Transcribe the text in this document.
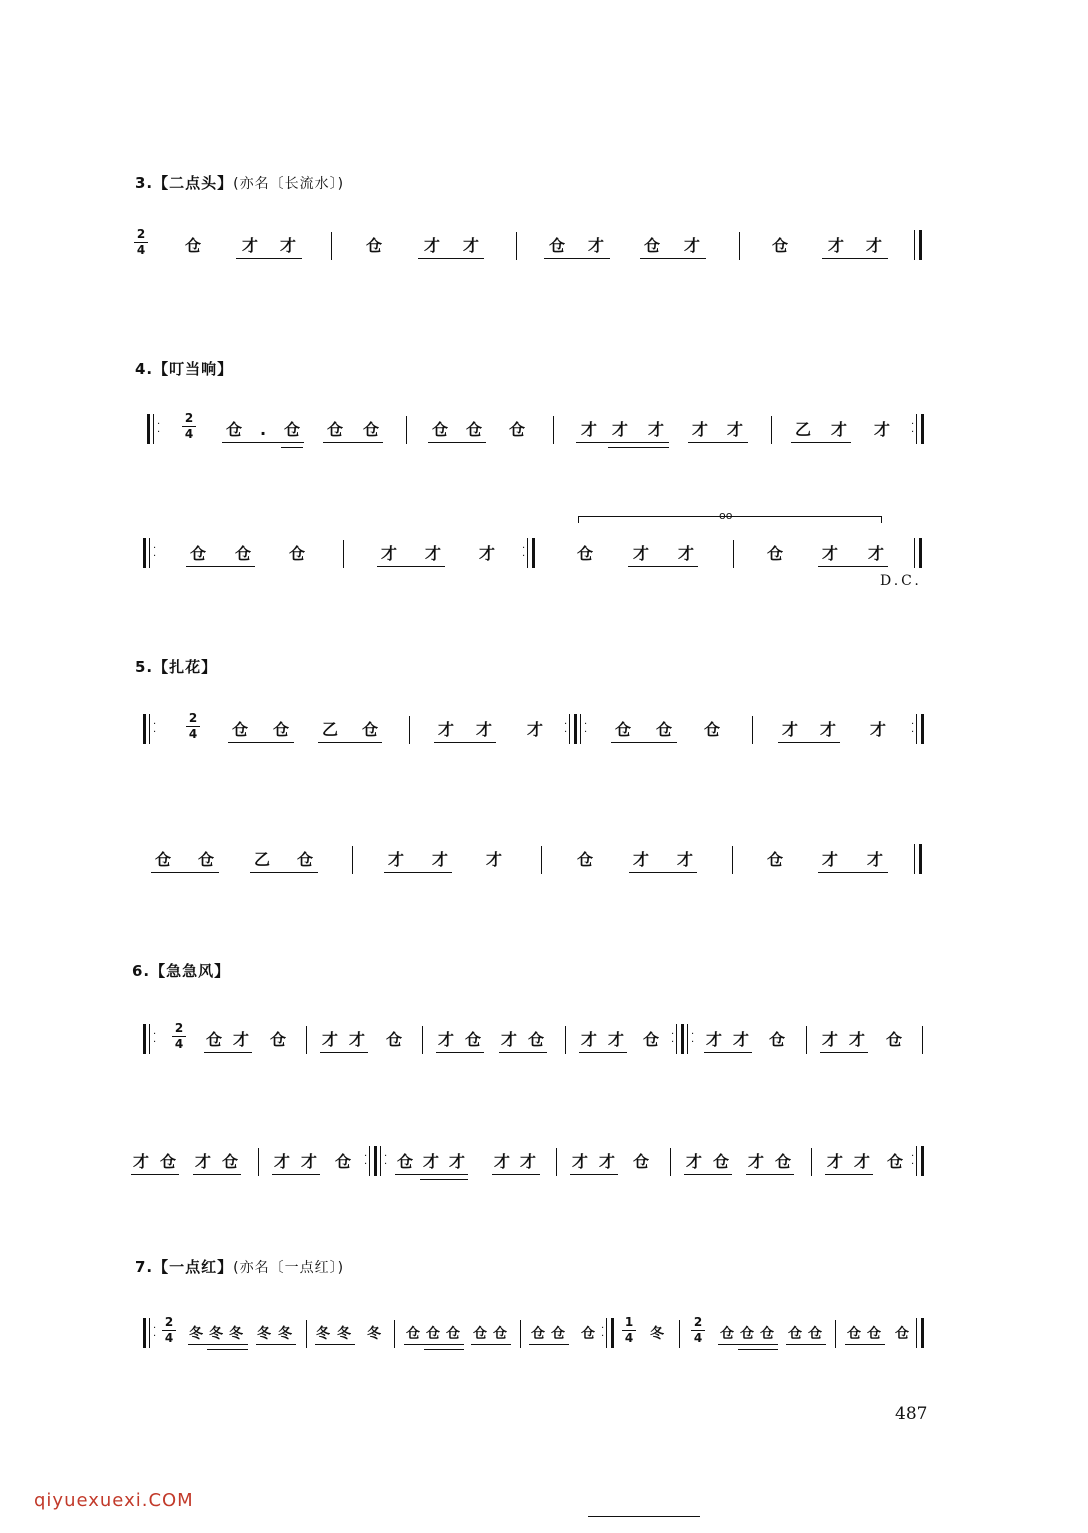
3.【二点头】(亦名〔长流水〕)
2
4 仓	才 才	仓	才 才	仓 才 仓 才	仓 才 才
4.【叮当响】
·
·
2
4 仓 . 仓 仓 仓	仓 仓 仓	才 才 才 才 才	乙 才 才 ·
·
·
· 仓 仓 仓	才 才 才	·
·
oo
仓 才 才	仓 才 才
D.C.
5.【扎花】
·
·
2
4 仓 仓 乙 仓	才 才 才 ·
·
·
· 仓 仓 仓	才 才 才 ·
·
仓 仓 乙 仓	才 才 才	仓 才 才	仓 才 才
6.【急急风】
·
·
2
4 仓 才 仓 才 才 仓 才 仓 才 仓 才 才 仓 ·
·
·
· 才 才 仓 才 才 仓
才 仓 才 仓 才 才 仓 ·
·
·
· 仓 才 才 才 才 才 才 仓 才 仓 才 仓 才 才 仓 ·
·
7.【一点红】(亦名〔一点红〕)
·
·
2
4 冬 冬 冬 冬 冬 冬 冬 冬 仓 仓 仓 仓 仓 仓 仓 仓 ·
·
1
4 冬
2
4 仓 仓 仓 仓 仓 仓 仓 仓
487
qiyuexuexi.COM
